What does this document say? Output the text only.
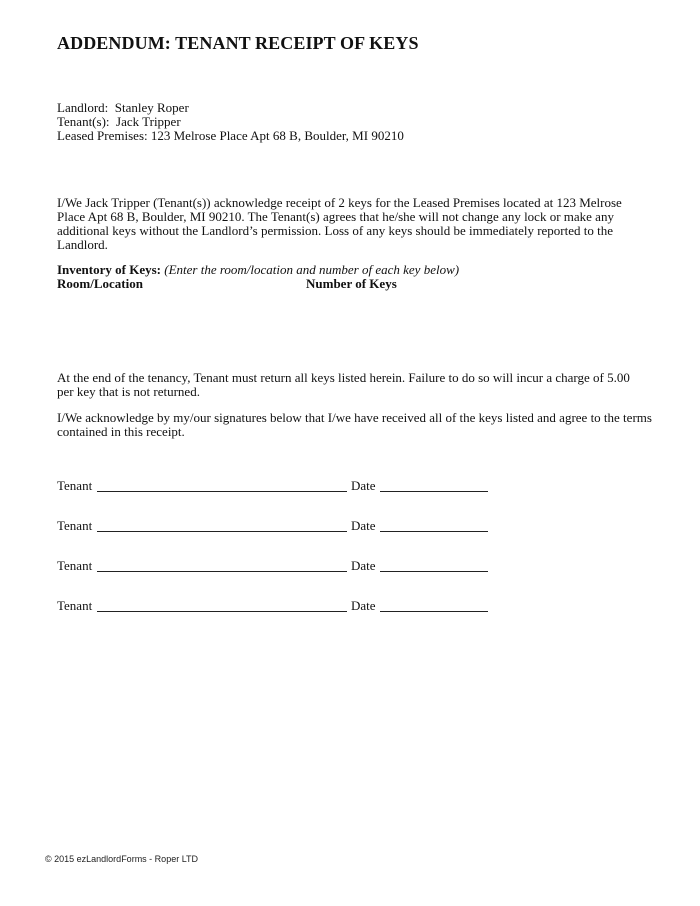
ADDENDUM: TENANT RECEIPT OF KEYS
Landlord:  Stanley Roper
Tenant(s):  Jack Tripper
Leased Premises: 123 Melrose Place Apt 68 B, Boulder, MI 90210
I/We Jack Tripper (Tenant(s)) acknowledge receipt of 2 keys for the Leased Premises located at 123 Melrose Place Apt 68 B, Boulder, MI 90210. The Tenant(s) agrees that he/she will not change any lock or make any additional keys without the Landlord’s permission. Loss of any keys should be immediately reported to the Landlord.
Inventory of Keys: (Enter the room/location and number of each key below)
Room/Location	Number of Keys
At the end of the tenancy, Tenant must return all keys listed herein. Failure to do so will incur a charge of 5.00 per key that is not returned.
I/We acknowledge by my/our signatures below that I/we have received all of the keys listed and agree to the terms contained in this receipt.
Tenant	Date
Tenant	Date
Tenant	Date
Tenant	Date
© 2015 ezLandlordForms - Roper LTD
